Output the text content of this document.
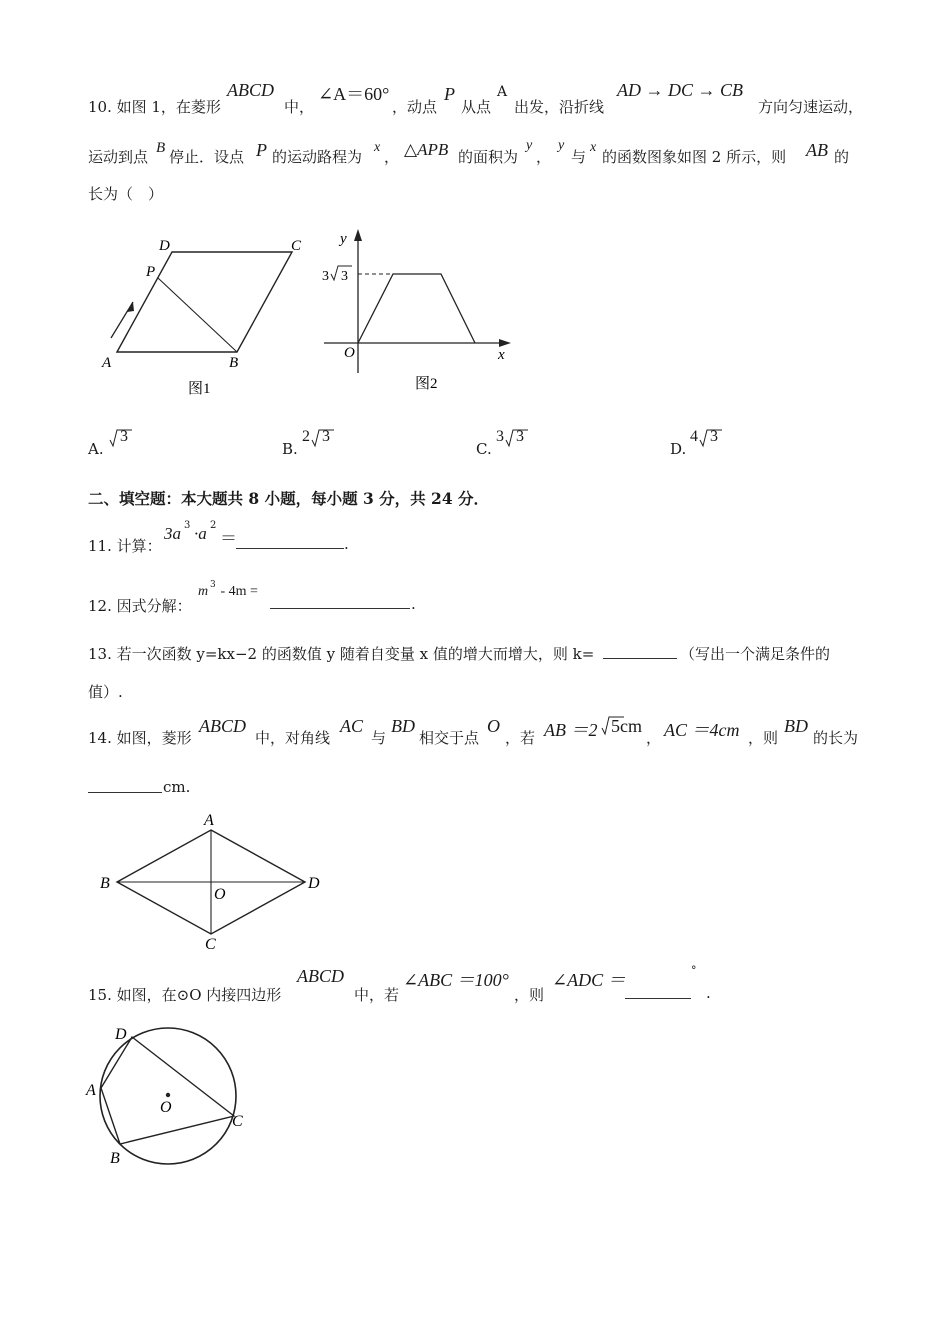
10. 如图 1，在菱形
ABCD
中，
∠A＝60°
，动点
P
从点
A
出发，沿折线
AD → DC → CB
方向匀速运动，
运动到点 B 停止．设点 P 的运动路程为
x
， △APB 的面积为
y
，
y
与
x
的函数图象如图 2 所示，则 AB 的
长为（　）
D	C
P
A	B
图1
y
x
O
3 3
图2
A.
3
B.
2 3
C.
3 3
D.
4 3
二、填空题：本大题共 8 小题，每小题 3 分，共 24 分．
11. 计算：
3a 3 ·a 2
＝	.
12. 因式分解：
m 3 - 4m =
.
13. 若一次函数 y=kx−2 的函数值 y 随着自变量 x 值的增大而增大，则 k=	（写出一个满足条件的
值）.
14. 如图，菱形
ABCD
中，对角线
AC
与
BD
相交于点
O
，若 AB ＝2 5 cm
， AC ＝4cm ，则
BD
的长为
cm.
A
B
C
D
O
15. 如图，在⊙O 内接四边形
ABCD
中，若
∠ABC ＝100°
，则
∠ADC ＝	°
.
D
A
O
C
B
